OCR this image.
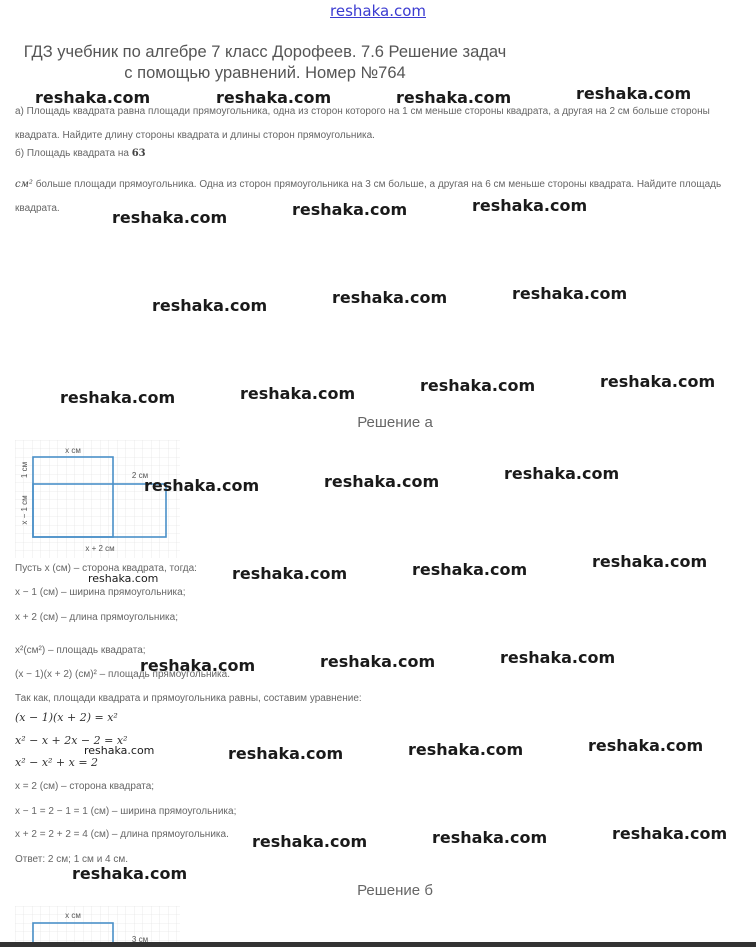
reshaka.com
ГДЗ учебник по алгебре 7 класс Дорофеев. 7.6 Решение задач
с помощью уравнений. Номер №764
а) Площадь квадрата равна площади прямоугольника, одна из сторон которого на 1 см меньше стороны квадрата, а другая на 2 см больше стороны квадрата. Найдите длину стороны квадрата и длины сторон прямоугольника.
б) Площадь квадрата на 63
см² больше площади прямоугольника. Одна из сторон прямоугольника на 3 см больше, а другая на 6 см меньше стороны квадрата. Найдите площадь квадрата.
Решение а
x см
2 см
x + 2 см
x − 1 см
1 см
Пусть x (см) – сторона квадрата, тогда:
x − 1 (см) – ширина прямоугольника;
x + 2 (см) – длина прямоугольника;
x²(см²) – площадь квадрата;
(x − 1)(x + 2) (см)² – площадь прямоугольника.
Так как, площади квадрата и прямоугольника равны, составим уравнение:
(x − 1)(x + 2) = x²
x² − x + 2x − 2 = x²
x² − x² + x = 2
x = 2 (см) – сторона квадрата;
x − 1 = 2 − 1 = 1 (см) – ширина прямоугольника;
x + 2 = 2 + 2 = 4 (см) – длина прямоугольника.
Ответ: 2 см; 1 см и 4 см.
Решение б
x см
3 см
reshaka.com	reshaka.com	reshaka.com	reshaka.com
reshaka.com	reshaka.com	reshaka.com
reshaka.com	reshaka.com	reshaka.com
reshaka.com	reshaka.com	reshaka.com	reshaka.com
reshaka.com	reshaka.com	reshaka.com
reshaka.com	reshaka.com	reshaka.com	reshaka.com
reshaka.com	reshaka.com	reshaka.com
reshaka.com	reshaka.com	reshaka.com	reshaka.com
reshaka.com	reshaka.com	reshaka.com
reshaka.com
